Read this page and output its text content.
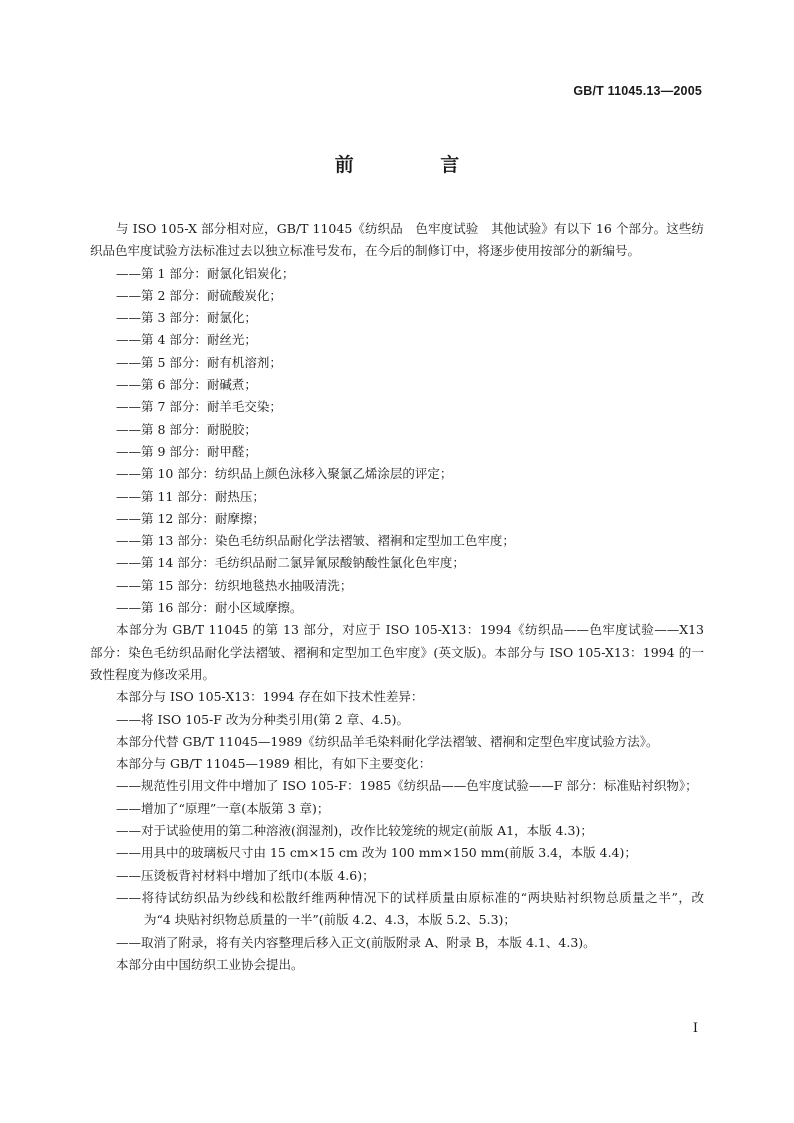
GB/T 11045.13—2005
前 言

与 ISO 105-X 部分相对应，GB/T 11045《纺织品　色牢度试验　其他试验》有以下 16 个部分。这些纺织品色牢度试验方法标准过去以独立标准号发布，在今后的制修订中，将逐步使用按部分的新编号。

——第 1 部分：耐氯化铝炭化；

——第 2 部分：耐硫酸炭化；

——第 3 部分：耐氯化；

——第 4 部分：耐丝光；

——第 5 部分：耐有机溶剂；

——第 6 部分：耐碱煮；

——第 7 部分：耐羊毛交染；

——第 8 部分：耐脱胶；

——第 9 部分：耐甲醛；

——第 10 部分：纺织品上颜色泳移入聚氯乙烯涂层的评定；

——第 11 部分：耐热压；

——第 12 部分：耐摩擦；

——第 13 部分：染色毛纺织品耐化学法褶皱、褶裥和定型加工色牢度；

——第 14 部分：毛纺织品耐二氯异氰尿酸钠酸性氯化色牢度；

——第 15 部分：纺织地毯热水抽吸清洗；

——第 16 部分：耐小区域摩擦。

本部分为 GB/T 11045 的第 13 部分，对应于 ISO 105-X13：1994《纺织品——色牢度试验——X13 部分：染色毛纺织品耐化学法褶皱、褶裥和定型加工色牢度》(英文版)。本部分与 ISO 105-X13：1994 的一致性程度为修改采用。

本部分与 ISO 105-X13：1994 存在如下技术性差异：

——将 ISO 105-F 改为分种类引用(第 2 章、4.5)。

本部分代替 GB/T 11045—1989《纺织品羊毛染料耐化学法褶皱、褶裥和定型色牢度试验方法》。

本部分与 GB/T 11045—1989 相比，有如下主要变化：

——规范性引用文件中增加了 ISO 105-F：1985《纺织品——色牢度试验——F 部分：标准贴衬织物》；

——增加了“原理”一章(本版第 3 章)；

——对于试验使用的第二种溶液(润湿剂)，改作比较笼统的规定(前版 A1，本版 4.3)；

——用具中的玻璃板尺寸由 15 cm×15 cm 改为 100 mm×150 mm(前版 3.4，本版 4.4)；

——压烫板背衬材料中增加了纸巾(本版 4.6)；

——将待试纺织品为纱线和松散纤维两种情况下的试样质量由原标准的“两块贴衬织物总质量之半”，改为“4 块贴衬织物总质量的一半”(前版 4.2、4.3，本版 5.2、5.3)；

——取消了附录，将有关内容整理后移入正文(前版附录 A、附录 B，本版 4.1、4.3)。

本部分由中国纺织工业协会提出。

I
